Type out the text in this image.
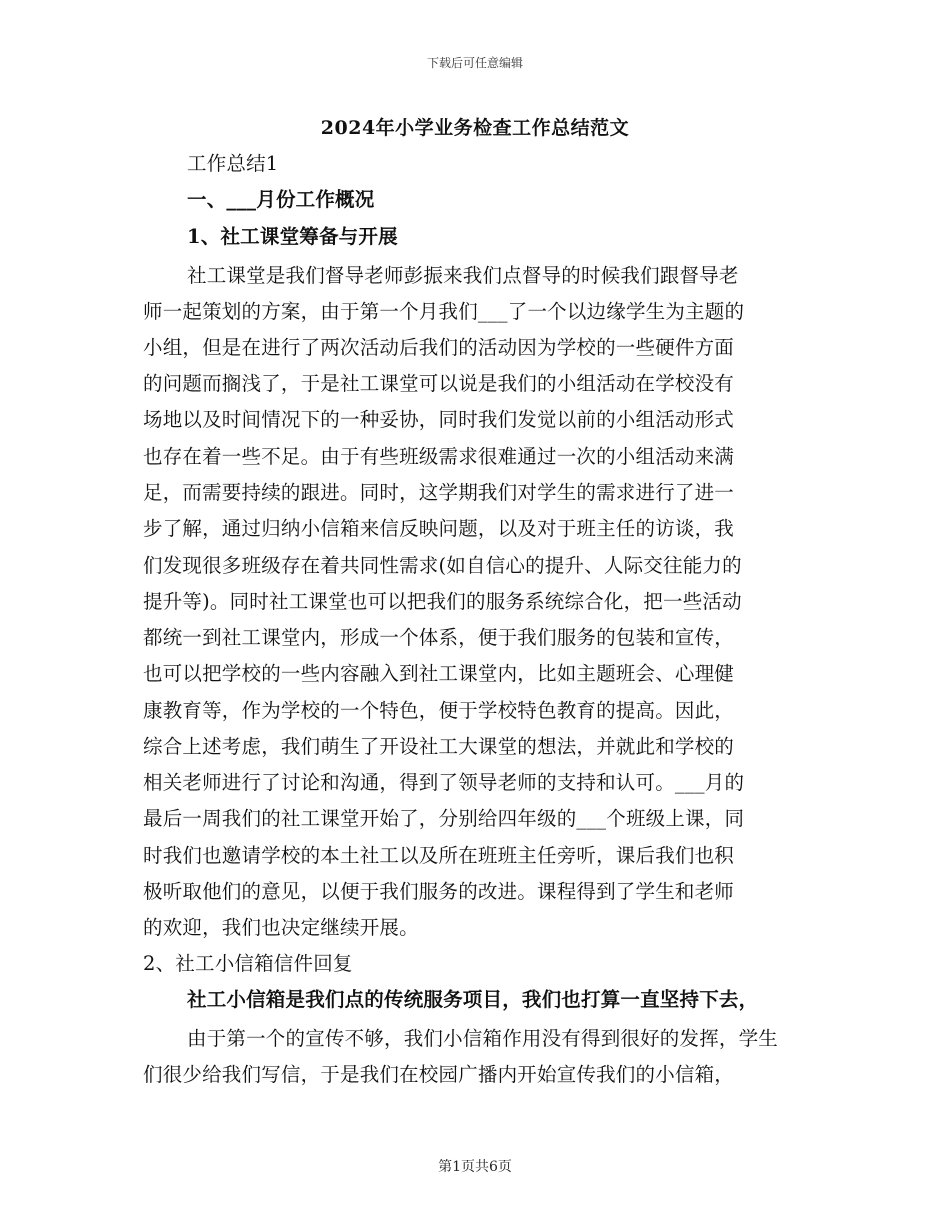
下载后可任意编辑
2024年小学业务检查工作总结范文
工作总结1
一、___月份工作概况
1、社工课堂筹备与开展
社工课堂是我们督导老师彭振来我们点督导的时候我们跟督导老
师一起策划的方案，由于第一个月我们___了一个以边缘学生为主题的
小组，但是在进行了两次活动后我们的活动因为学校的一些硬件方面
的问题而搁浅了，于是社工课堂可以说是我们的小组活动在学校没有
场地以及时间情况下的一种妥协，同时我们发觉以前的小组活动形式
也存在着一些不足。由于有些班级需求很难通过一次的小组活动来满
足，而需要持续的跟进。同时，这学期我们对学生的需求进行了进一
步了解，通过归纳小信箱来信反映问题，以及对于班主任的访谈，我
们发现很多班级存在着共同性需求(如自信心的提升、人际交往能力的
提升等)。同时社工课堂也可以把我们的服务系统综合化，把一些活动
都统一到社工课堂内，形成一个体系，便于我们服务的包装和宣传，
也可以把学校的一些内容融入到社工课堂内，比如主题班会、心理健
康教育等，作为学校的一个特色，便于学校特色教育的提高。因此，
综合上述考虑，我们萌生了开设社工大课堂的想法，并就此和学校的
相关老师进行了讨论和沟通，得到了领导老师的支持和认可。___月的
最后一周我们的社工课堂开始了，分别给四年级的___个班级上课，同
时我们也邀请学校的本土社工以及所在班班主任旁听，课后我们也积
极听取他们的意见，以便于我们服务的改进。课程得到了学生和老师
的欢迎，我们也决定继续开展。
2、社工小信箱信件回复
社工小信箱是我们点的传统服务项目，我们也打算一直坚持下去，
由于第一个的宣传不够，我们小信箱作用没有得到很好的发挥，学生
们很少给我们写信，于是我们在校园广播内开始宣传我们的小信箱，
第1页共6页
